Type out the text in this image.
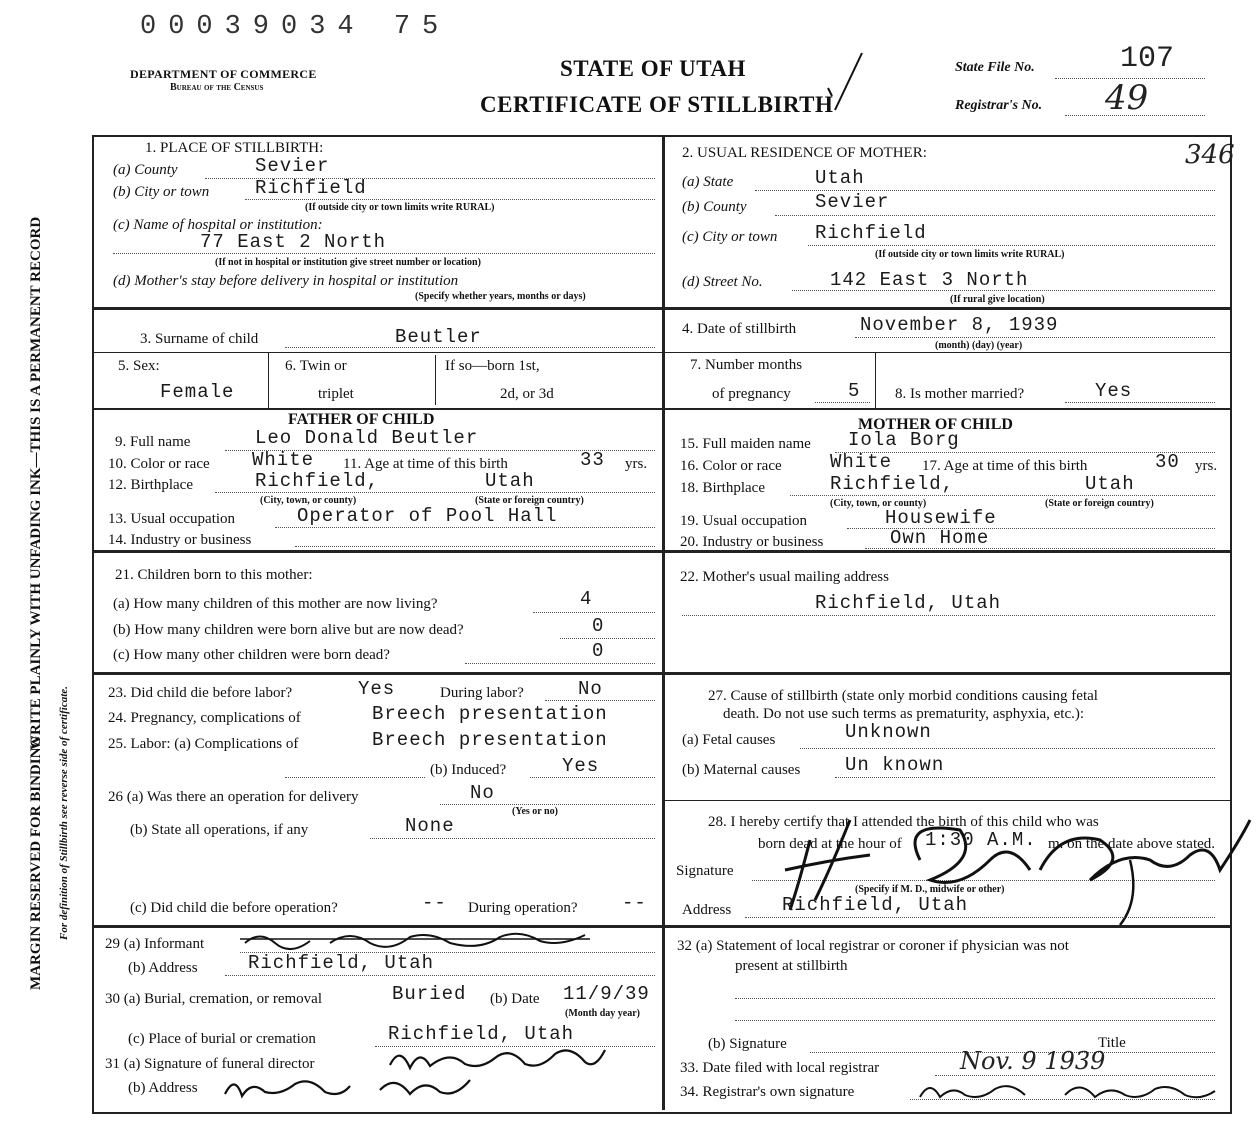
00039034 75
DEPARTMENT OF COMMERCE
Bureau of the Census
STATE OF UTAH
CERTIFICATE OF STILLBIRTH
State File No.	107
Registrar's No. 49
MARGIN RESERVED FOR BINDING
WRITE PLAINLY WITH UNFADING INK—THIS IS A PERMANENT RECORD
For definition of Stillbirth see reverse side of certificate.
1. PLACE OF STILLBIRTH:
(a) County	Sevier
(b) City or town Richfield
(If outside city or town limits write RURAL)
(c) Name of hospital or institution:
77 East 2 North
(If not in hospital or institution give street number or location)
(d) Mother's stay before delivery in hospital or institution
(Specify whether years, months or days)
2. USUAL RESIDENCE OF MOTHER:	346
(a) State	Utah
(b) County	Sevier
(c) City or town Richfield
(If outside city or town limits write RURAL)
(d) Street No.	142 East 3 North
(If rural give location)
3. Surname of child	Beutler	4. Date of stillbirth	November 8, 1939
(month) (day) (year)
5. Sex:
Female
6. Twin or
triplet
If so—born 1st,
2d, or 3d
7. Number months
of pregnancy	5 8. Is mother married?	Yes
FATHER OF CHILD
9. Full name	Leo Donald Beutler
10. Color or race White 11. Age at time of this birth	33 yrs.
12. Birthplace	Richfield,	Utah
(City, town, or county)	(State or foreign country)
13. Usual occupation	Operator of Pool Hall
14. Industry or business
MOTHER OF CHILD
15. Full maiden name Iola Borg
16. Color or race	White 17. Age at time of this birth	30 yrs.
18. Birthplace	Richfield,	Utah
(City, town, or county)	(State or foreign country)
19. Usual occupation	Housewife
20. Industry or business	Own Home
21. Children born to this mother:
(a) How many children of this mother are now living?	4
(b) How many children were born alive but are now dead?	0
(c) How many other children were born dead?	0
22. Mother's usual mailing address
Richfield, Utah
23. Did child die before labor?	Yes	During labor?	No
24. Pregnancy, complications of	Breech presentation
25. Labor: (a) Complications of	Breech presentation
(b) Induced?	Yes
26 (a) Was there an operation for delivery	No
(Yes or no)
(b) State all operations, if any	None
(c) Did child die before operation?	-- During operation? --
27. Cause of stillbirth (state only morbid conditions causing fetal
death. Do not use such terms as prematurity, asphyxia, etc.):
(a) Fetal causes	Unknown
(b) Maternal causes Un known
28. I hereby certify that I attended the birth of this child who was
born dead at the hour of 1:30 A.M. m. on the date above stated.
Signature
(Specify if M. D., midwife or other)
Address	Richfield, Utah
29 (a) Informant
(b) Address	Richfield, Utah
30 (a) Burial, cremation, or removal	Buried (b) Date 11/9/39
(Month day year)
(c) Place of burial or cremation	Richfield, Utah
31 (a) Signature of funeral director
(b) Address
32 (a) Statement of local registrar or coroner if physician was not
present at stillbirth
(b) Signature	Title
33. Date filed with local registrar	Nov. 9 1939
34. Registrar's own signature
